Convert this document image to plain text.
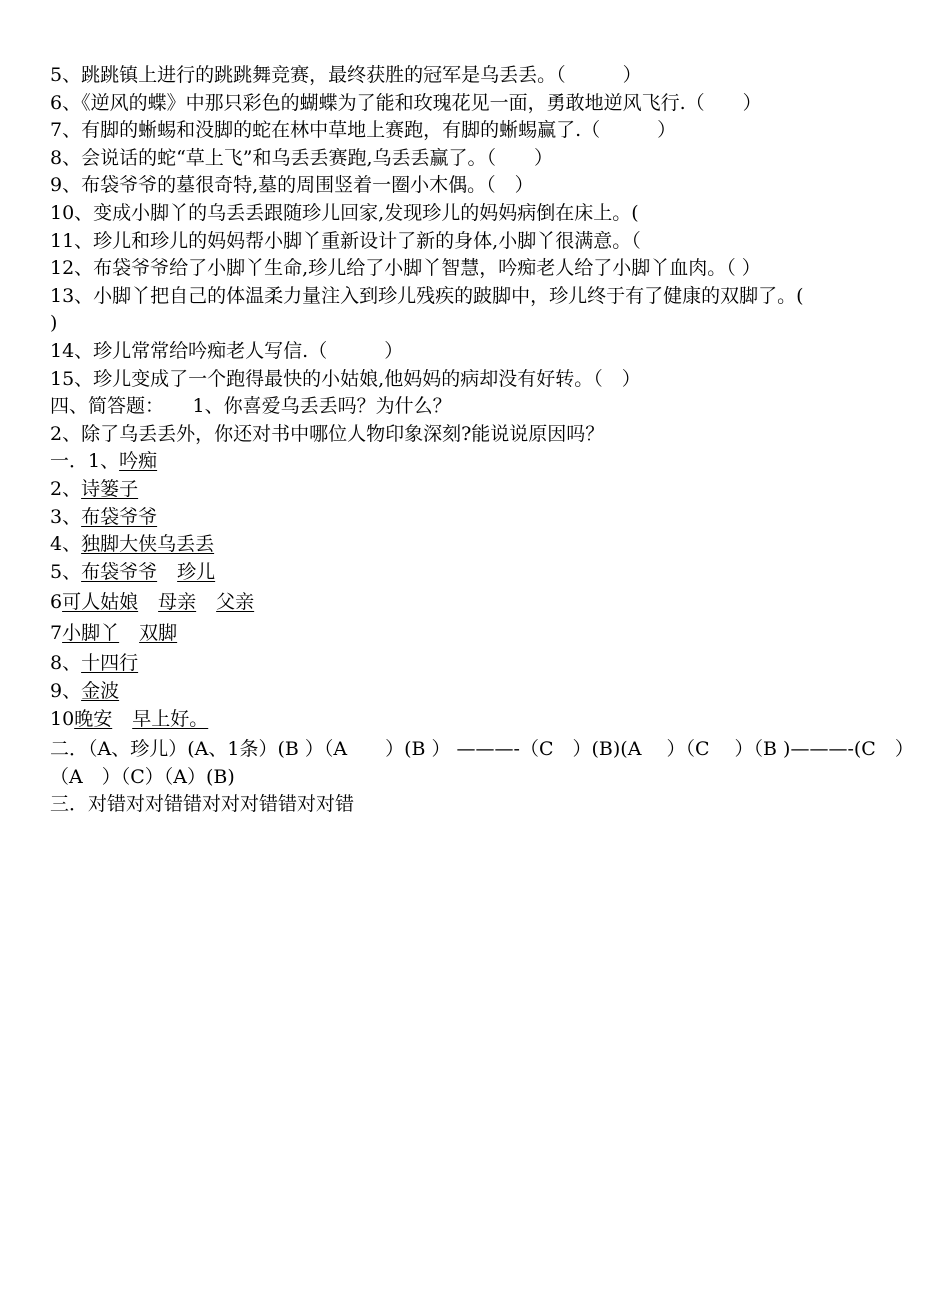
5、跳跳镇上进行的跳跳舞竞赛，最终获胜的冠军是乌丢丢。（　　　）

6、《逆风的蝶》中那只彩色的蝴蝶为了能和玫瑰花见一面，勇敢地逆风飞行.（　　）

7、有脚的蜥蜴和没脚的蛇在林中草地上赛跑，有脚的蜥蜴赢了.（　　　）

8、会说话的蛇“草上飞”和乌丢丢赛跑,乌丢丢赢了。（　　）

9、布袋爷爷的墓很奇特,墓的周围竖着一圈小木偶。（　）

10、变成小脚丫的乌丢丢跟随珍儿回家,发现珍儿的妈妈病倒在床上。(

11、珍儿和珍儿的妈妈帮小脚丫重新设计了新的身体,小脚丫很满意。（

12、布袋爷爷给了小脚丫生命,珍儿给了小脚丫智慧，吟痴老人给了小脚丫血肉。（ ）

13、小脚丫把自己的体温柔力量注入到珍儿残疾的跛脚中，珍儿终于有了健康的双脚了。(
)

14、珍儿常常给吟痴老人写信.（　　　）

15、珍儿变成了一个跑得最快的小姑娘,他妈妈的病却没有好转。（　）

四、简答题：　　1、你喜爱乌丢丢吗？为什么？

2、除了乌丢丢外，你还对书中哪位人物印象深刻?能说说原因吗？

一．1、吟痴

2、诗篓子

3、布袋爷爷

4、独脚大侠乌丢丢

5、布袋爷爷　　 珍儿

6可人姑娘　　 母亲　　 父亲

7小脚丫　　 双脚

8、十四行

9、金波

10晚安　　 早上好。

二．（A、珍儿）(A、1条）(B ）（A　　）(B ） ———-（C　）(B)(A　 ）（C　 ）（B )———-(C　）（A　）（C）（A）(B)

三．对错对对错错对对对错错对对错
